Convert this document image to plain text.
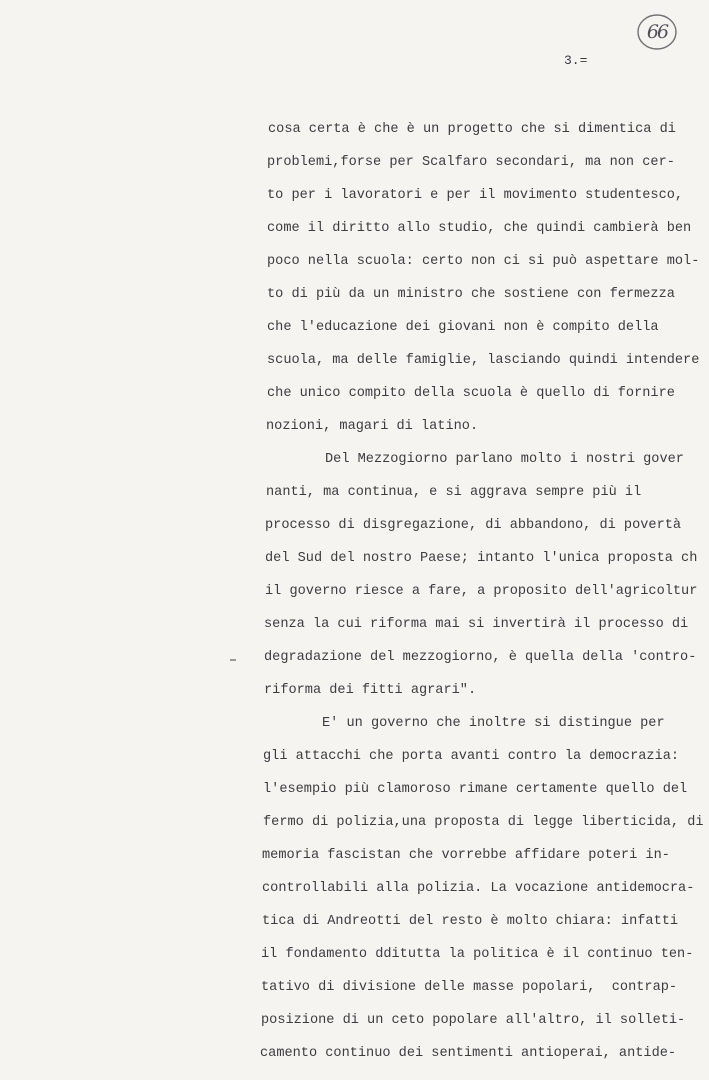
66
3.=
cosa certa è che è un progetto che si dimentica di
problemi,forse per Scalfaro secondari, ma non cer-
to per i lavoratori e per il movimento studentesco,
come il diritto allo studio, che quindi cambierà ben
poco nella scuola: certo non ci si può aspettare mol-
to di più da un ministro che sostiene con fermezza
che l'educazione dei giovani non è compito della
scuola, ma delle famiglie, lasciando quindi intendere
che unico compito della scuola è quello di fornire
nozioni, magari di latino.
Del Mezzogiorno parlano molto i nostri gover
nanti, ma continua, e si aggrava sempre più il
processo di disgregazione, di abbandono, di povertà
del Sud del nostro Paese; intanto l'unica proposta ch
il governo riesce a fare, a proposito dell'agricoltur
senza la cui riforma mai si invertirà il processo di
degradazione del mezzogiorno, è quella della 'contro-
riforma dei fitti agrari".
E' un governo che inoltre si distingue per
gli attacchi che porta avanti contro la democrazia:
l'esempio più clamoroso rimane certamente quello del
fermo di polizia,una proposta di legge liberticida, di
memoria fascistan che vorrebbe affidare poteri in-
controllabili alla polizia. La vocazione antidemocra-
tica di Andreotti del resto è molto chiara: infatti
il fondamento dditutta la politica è il continuo ten-
tativo di divisione delle masse popolari,  contrap-
posizione di un ceto popolare all'altro, il solleti-
camento continuo dei sentimenti antioperai, antide-
